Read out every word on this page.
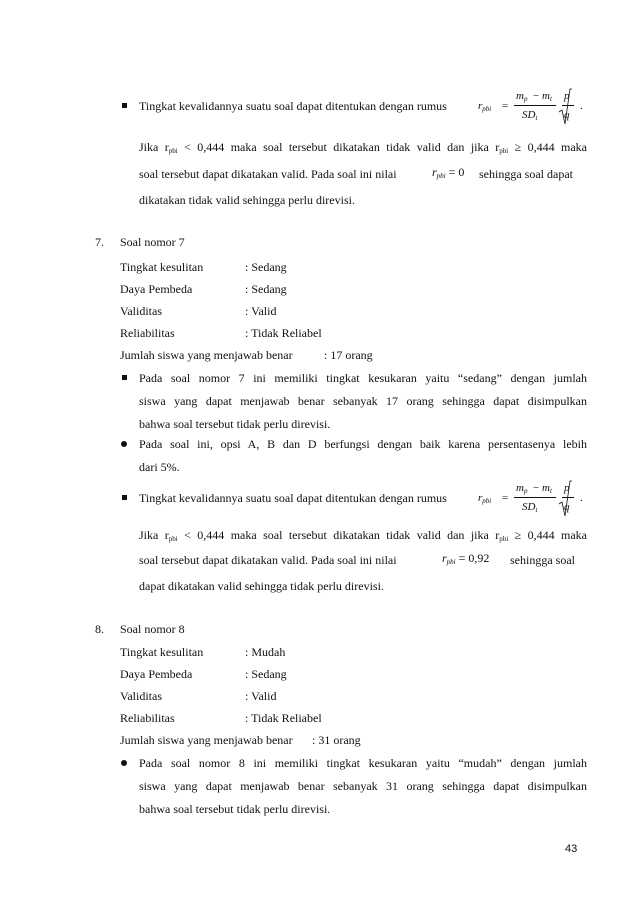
Tingkat kevalidannya suatu soal dapat ditentukan dengan rumus	$r_{pbi}$ =
$m_p - m_t$
$SD_t$
p
q
.
Jika $r_{pbi} < 0,444$ maka soal tersebut dikatakan tidak valid dan jika $r_{pbi} \ge 0,444$ maka
soal tersebut dapat dikatakan valid. Pada soal ini nilai	$r_{pbi} = 0$ sehingga soal dapat
dikatakan tidak valid sehingga perlu direvisi.
7. Soal nomor 7
Tingkat kesulitan	: Sedang
Daya Pembeda	: Sedang
Validitas	: Valid
Reliabilitas	: Tidak Reliabel
Jumlah siswa yang menjawab benar	: 17 orang
Pada soal nomor 7 ini memiliki tingkat kesukaran yaitu “sedang” dengan jumlah
siswa yang dapat menjawab benar sebanyak 17 orang sehingga dapat disimpulkan
bahwa soal tersebut tidak perlu direvisi.
Pada soal ini, opsi A, B dan D berfungsi dengan baik karena persentasenya lebih
dari 5%.
Tingkat kevalidannya suatu soal dapat ditentukan dengan rumus	$r_{pbi}$ =
$m_p - m_t$
$SD_t$
p
q
.
Jika $r_{pbi} < 0,444$ maka soal tersebut dikatakan tidak valid dan jika $r_{pbi} \ge 0,444$ maka
soal tersebut dapat dikatakan valid. Pada soal ini nilai	$r_{pbi} = 0,92$ sehingga soal
dapat dikatakan valid sehingga tidak perlu direvisi.
8. Soal nomor 8
Tingkat kesulitan	: Mudah
Daya Pembeda	: Sedang
Validitas	: Valid
Reliabilitas	: Tidak Reliabel
Jumlah siswa yang menjawab benar : 31 orang
Pada soal nomor 8 ini memiliki tingkat kesukaran yaitu “mudah” dengan jumlah
siswa yang dapat menjawab benar sebanyak 31 orang sehingga dapat disimpulkan
bahwa soal tersebut tidak perlu direvisi.
43
